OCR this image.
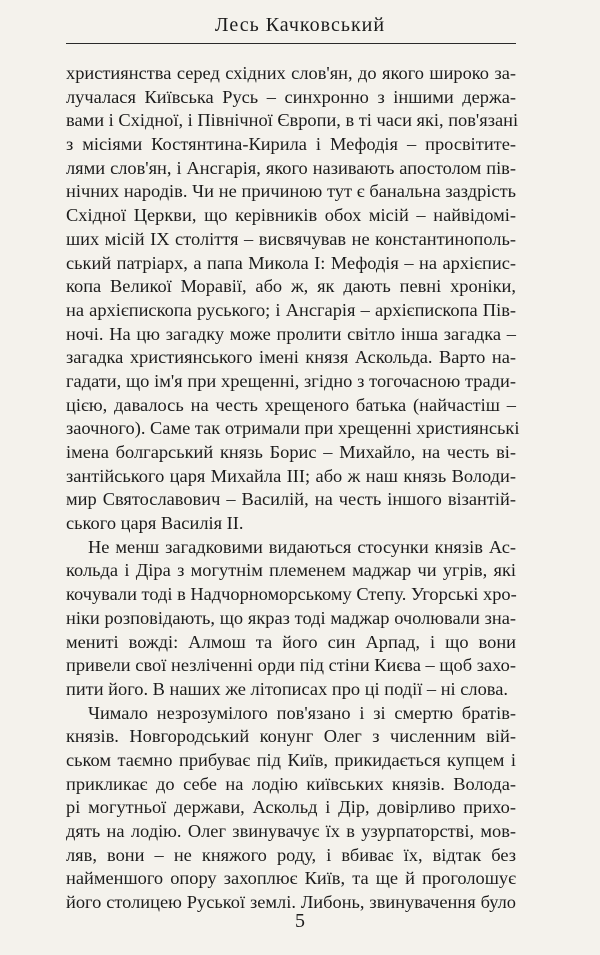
Лесь Качковський
християнства серед східних слов'ян, до якого широко за-
лучалася Київська Русь – синхронно з іншими держа-
вами і Східної, і Північної Європи, в ті часи які, пов'язані
з місіями Костянтина-Кирила і Мефодія – просвітите-
лями слов'ян, і Ансгарія, якого називають апостолом пів-
нічних народів. Чи не причиною тут є банальна заздрість
Східної Церкви, що керівників обох місій – найвідомі-
ших місій IX століття – висвячував не константинополь-
ський патріарх, а папа Микола І: Мефодія – на архієпис-
копа Великої Моравії, або ж, як дають певні хроніки,
на архієпископа руського; і Ансгарія – архієпископа Пів-
ночі. На цю загадку може пролити світло інша загадка –
загадка християнського імені князя Аскольда. Варто на-
гадати, що ім'я при хрещенні, згідно з тогочасною тради-
цією, давалось на честь хрещеного батька (найчастіш –
заочного). Саме так отримали при хрещенні християнські
імена болгарський князь Борис – Михайло, на честь ві-
зантійського царя Михайла III; або ж наш князь Володи-
мир Святославович – Василій, на честь іншого візантій-
ського царя Василія II.
Не менш загадковими видаються стосунки князів Ас-
кольда і Діра з могутнім племенем маджар чи угрів, які
кочували тоді в Надчорноморському Степу. Угорські хро-
ніки розповідають, що якраз тоді маджар очолювали зна-
мениті вожді: Алмош та його син Арпад, і що вони
привели свої незліченні орди під стіни Києва – щоб захо-
пити його. В наших же літописах про ці події – ні слова.
Чимало незрозумілого пов'язано і зі смертю братів-
князів. Новгородський конунг Олег з численним вій-
ськом таємно прибуває під Київ, прикидається купцем і
прикликає до себе на лодію київських князів. Волода-
рі могутньої держави, Аскольд і Дір, довірливо прихо-
дять на лодію. Олег звинувачує їх в узурпаторстві, мов-
ляв, вони – не княжого роду, і вбиває їх, відтак без
найменшого опору захоплює Київ, та ще й проголошує
його столицею Руської землі. Либонь, звинувачення було
5
